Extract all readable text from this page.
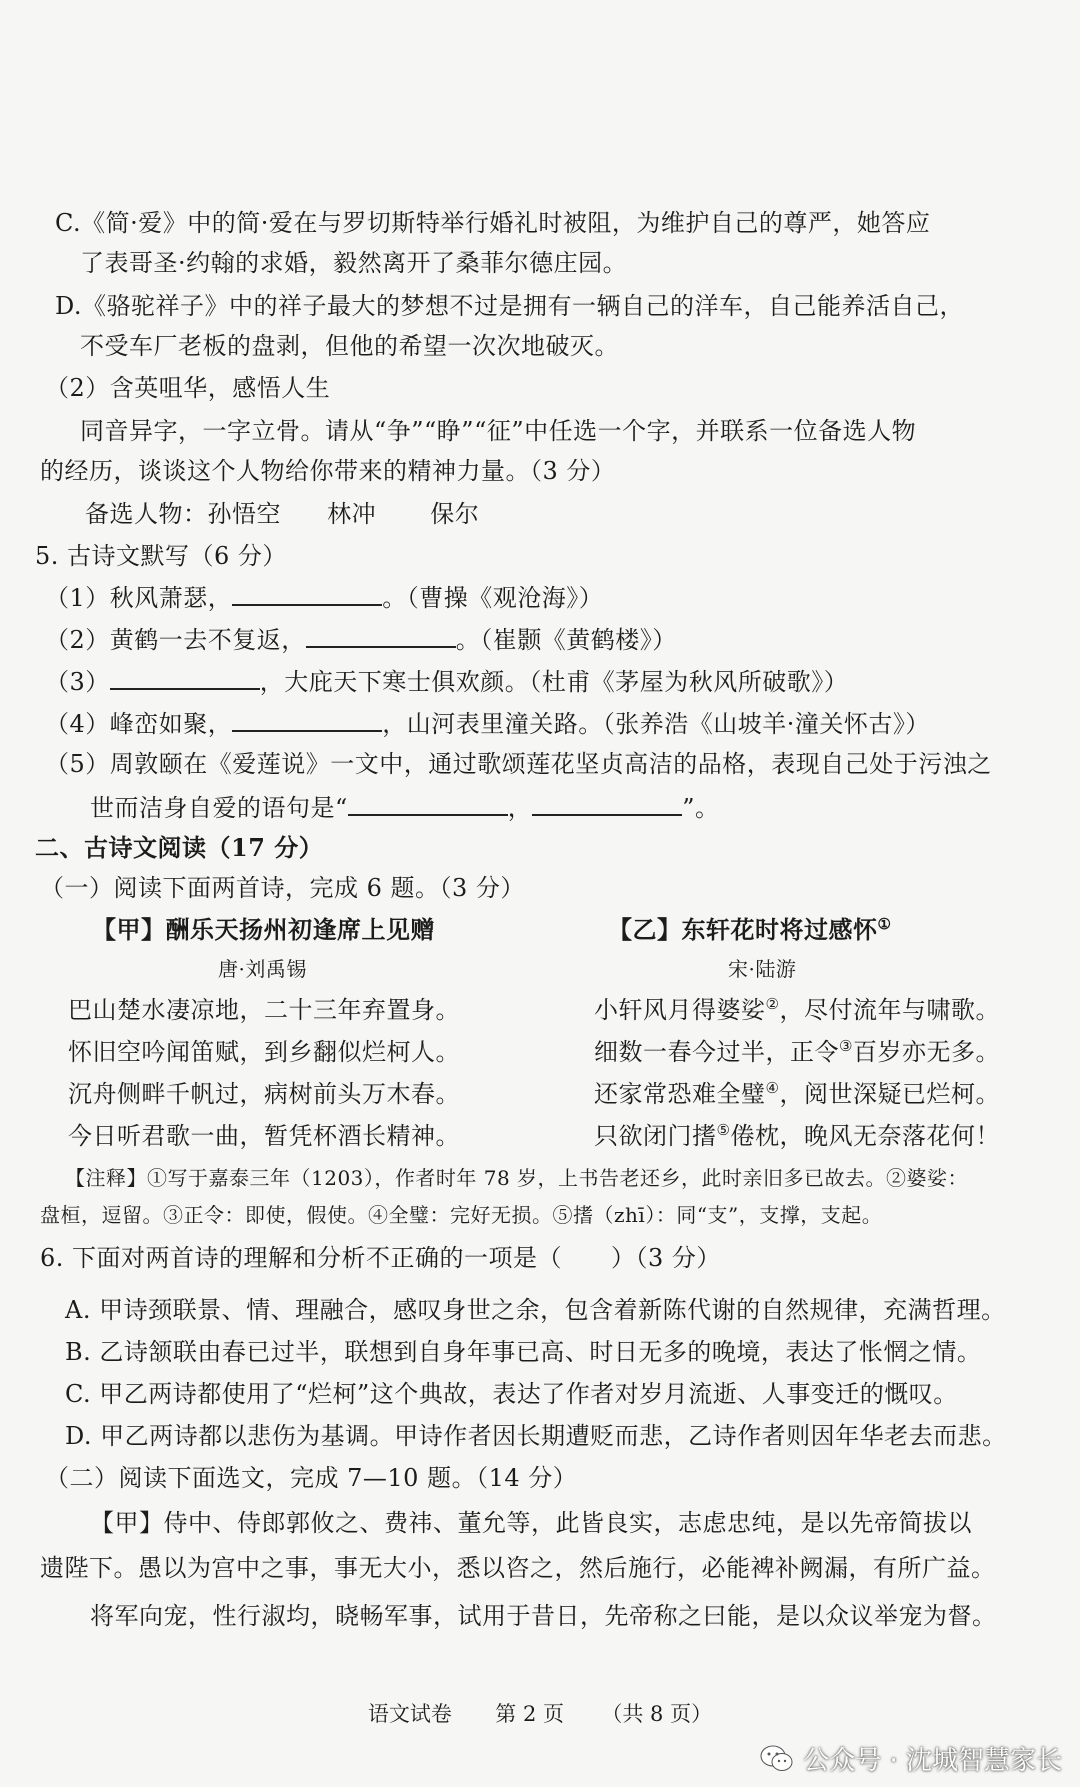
C.《简·爱》中的简·爱在与罗切斯特举行婚礼时被阻，为维护自己的尊严，她答应
了表哥圣·约翰的求婚，毅然离开了桑菲尔德庄园。
D.《骆驼祥子》中的祥子最大的梦想不过是拥有一辆自己的洋车，自己能养活自己，
不受车厂老板的盘剥，但他的希望一次次地破灭。
（2）含英咀华，感悟人生
同音异字，一字立骨。请从“争”“睁”“征”中任选一个字，并联系一位备选人物
的经历，谈谈这个人物给你带来的精神力量。（3 分）
备选人物：孙悟空 林冲 保尔
5. 古诗文默写（6 分）
（1）秋风萧瑟，	。（曹操《观沧海》）
（2）黄鹤一去不复返，	。（崔颢《黄鹤楼》）
（3）	，大庇天下寒士俱欢颜。（杜甫《茅屋为秋风所破歌》）
（4）峰峦如聚，	，山河表里潼关路。（张养浩《山坡羊·潼关怀古》）
（5）周敦颐在《爱莲说》一文中，通过歌颂莲花坚贞高洁的品格，表现自己处于污浊之
世而洁身自爱的语句是“	，	”。
二、古诗文阅读（17 分）
（一）阅读下面两首诗，完成 6 题。（3 分）
【甲】酬乐天扬州初逢席上见赠
唐·刘禹锡
巴山楚水凄凉地，二十三年弃置身。
怀旧空吟闻笛赋，到乡翻似烂柯人。
沉舟侧畔千帆过，病树前头万木春。
今日听君歌一曲，暂凭杯酒长精神。
【乙】东轩花时将过感怀①
宋·陆游
小轩风月得婆娑②，尽付流年与啸歌。
细数一春今过半，正令③百岁亦无多。
还家常恐难全璧④，阅世深疑已烂柯。
只欲闭门搘⑤倦枕，晚风无奈落花何！
【注释】①写于嘉泰三年（1203），作者时年 78 岁，上书告老还乡，此时亲旧多已故去。②婆娑：
盘桓，逗留。③正令：即使，假使。④全璧：完好无损。⑤搘（zhī）：同“支”，支撑，支起。
6. 下面对两首诗的理解和分析不正确的一项是（　　）（3 分）
A. 甲诗颈联景、情、理融合，感叹身世之余，包含着新陈代谢的自然规律，充满哲理。
B. 乙诗颔联由春已过半，联想到自身年事已高、时日无多的晚境，表达了怅惘之情。
C. 甲乙两诗都使用了“烂柯”这个典故，表达了作者对岁月流逝、人事变迁的慨叹。
D. 甲乙两诗都以悲伤为基调。甲诗作者因长期遭贬而悲，乙诗作者则因年华老去而悲。
（二）阅读下面选文，完成 7—10 题。（14 分）
【甲】侍中、侍郎郭攸之、费祎、董允等，此皆良实，志虑忠纯，是以先帝简拔以
遗陛下。愚以为宫中之事，事无大小，悉以咨之，然后施行，必能裨补阙漏，有所广益。
将军向宠，性行淑均，晓畅军事，试用于昔日，先帝称之曰能，是以众议举宠为督。
语文试卷 第 2 页 （共 8 页）
公众号 · 沈城智慧家长
